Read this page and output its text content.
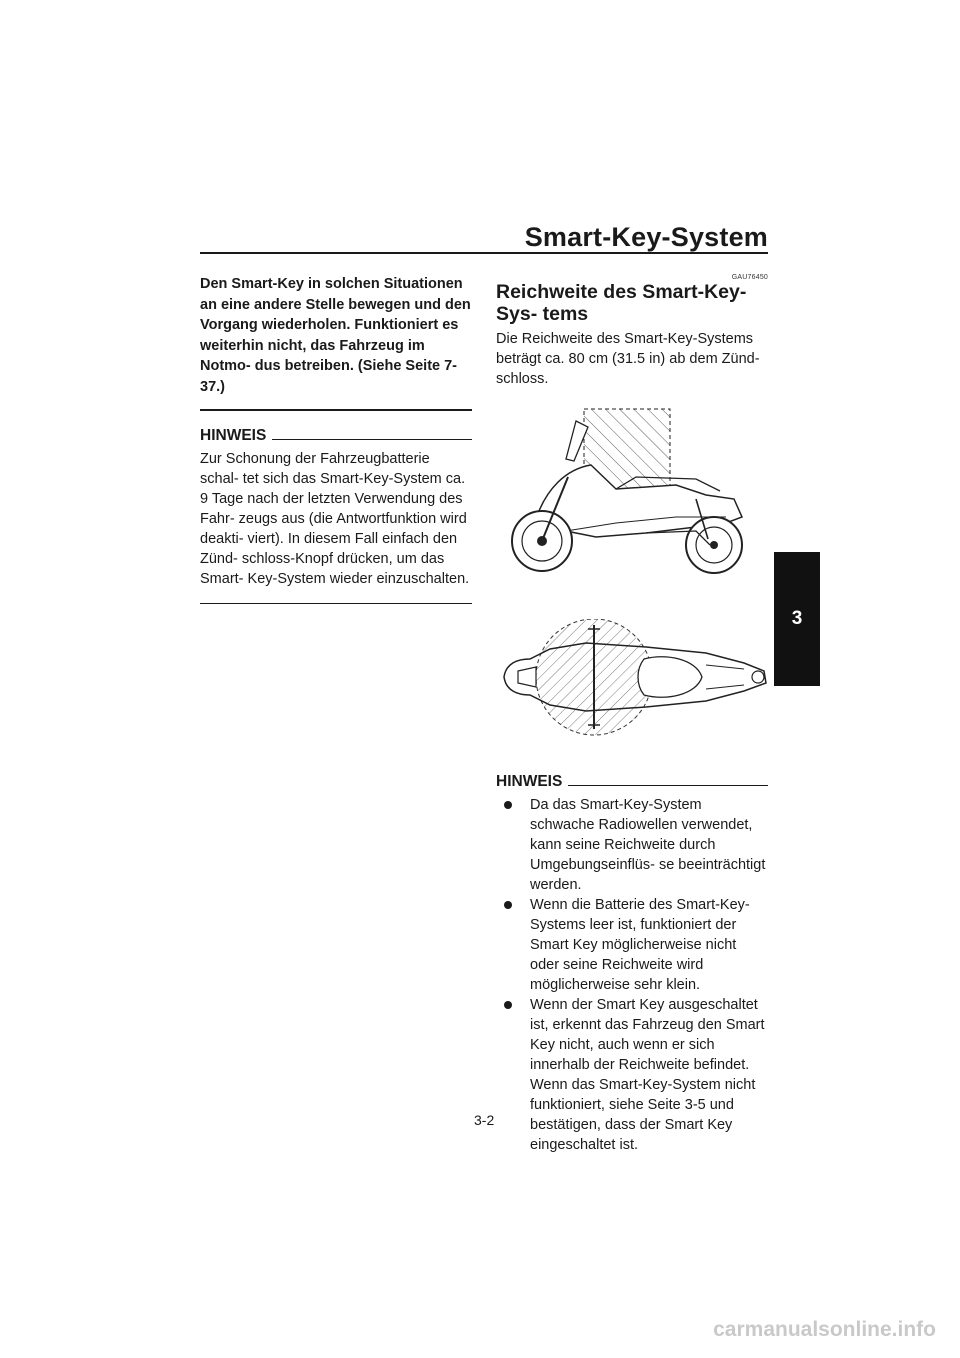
Smart-Key-System
3

Den Smart-Key in solchen Situationen an eine andere Stelle bewegen und den Vorgang wiederholen. Funktioniert es weiterhin nicht, das Fahrzeug im Notmo- dus betreiben. (Siehe Seite 7-37.)

HINWEIS

Zur Schonung der Fahrzeugbatterie schal- tet sich das Smart-Key-System ca. 9 Tage nach der letzten Verwendung des Fahr- zeugs aus (die Antwortfunktion wird deakti- viert). In diesem Fall einfach den Zünd- schloss-Knopf drücken, um das Smart- Key-System wieder einzuschalten.

GAU76450
Reichweite des Smart-Key-Sys- tems

Die Reichweite des Smart-Key-Systems beträgt ca. 80 cm (31.5 in) ab dem Zünd- schloss.

HINWEIS
Da das Smart-Key-System schwache Radiowellen verwendet, kann seine Reichweite durch Umgebungseinflüs- se beeinträchtigt werden.
Wenn die Batterie des Smart-Key- Systems leer ist, funktioniert der Smart Key möglicherweise nicht oder seine Reichweite wird möglicherweise sehr klein.
Wenn der Smart Key ausgeschaltet ist, erkennt das Fahrzeug den Smart Key nicht, auch wenn er sich innerhalb der Reichweite befindet. Wenn das Smart-Key-System nicht funktioniert, siehe Seite 3-5 und bestätigen, dass der Smart Key eingeschaltet ist.
3-2
carmanualsonline.info
